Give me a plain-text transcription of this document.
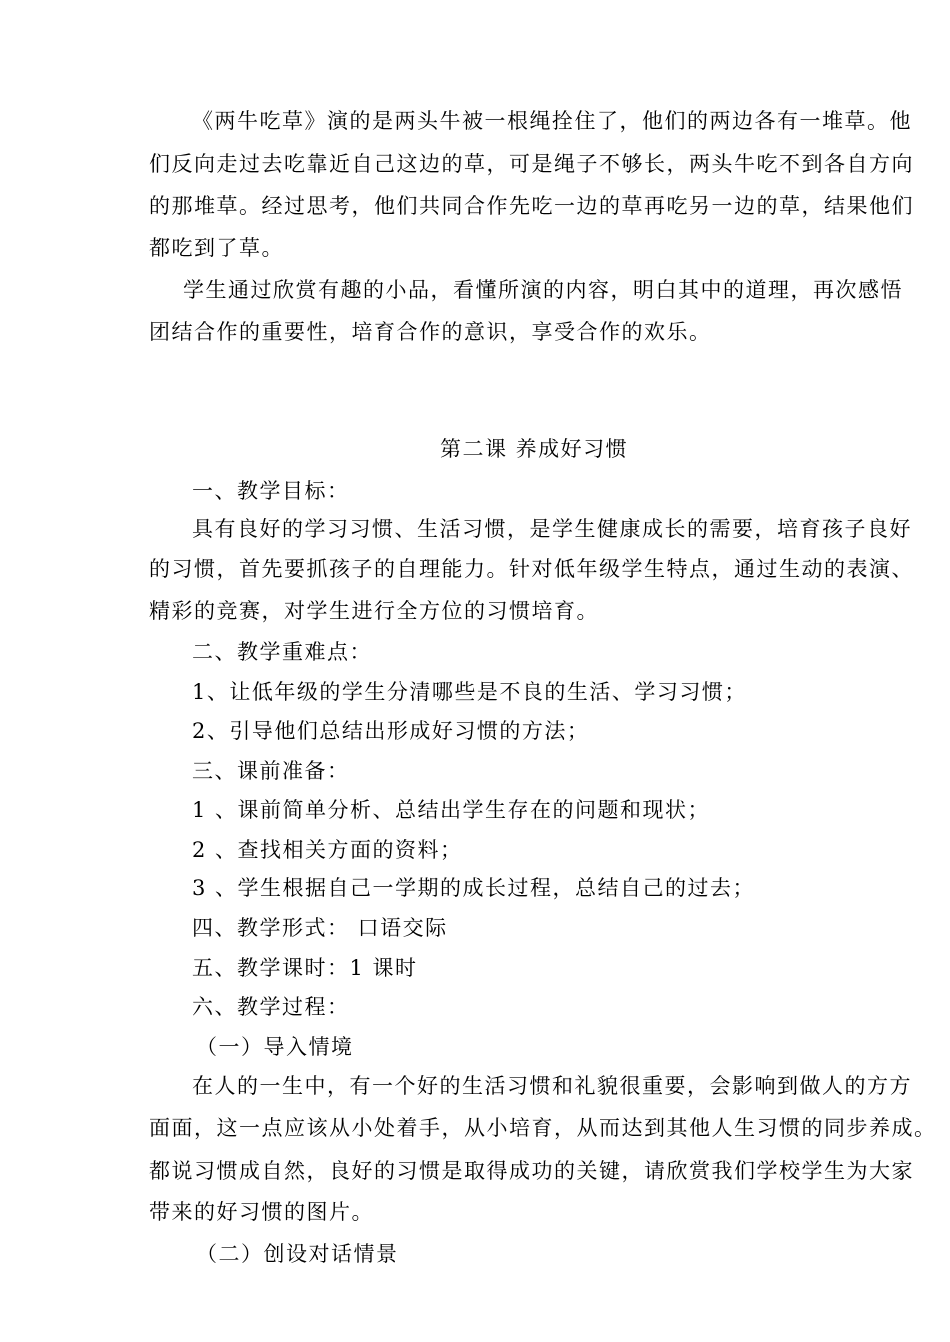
《两牛吃草》演的是两头牛被一根绳拴住了，他们的两边各有一堆草。他

们反向走过去吃靠近自己这边的草，可是绳子不够长，两头牛吃不到各自方向

的那堆草。经过思考，他们共同合作先吃一边的草再吃另一边的草，结果他们

都吃到了草。

学生通过欣赏有趣的小品，看懂所演的内容，明白其中的道理，再次感悟

团结合作的重要性，培育合作的意识，享受合作的欢乐。

第二课 养成好习惯

一、教学目标：

具有良好的学习习惯、生活习惯，是学生健康成长的需要，培育孩子良好

的习惯，首先要抓孩子的自理能力。针对低年级学生特点，通过生动的表演、

精彩的竞赛，对学生进行全方位的习惯培育。

二、教学重难点：

1、让低年级的学生分清哪些是不良的生活、学习习惯；

2、引导他们总结出形成好习惯的方法；

三、课前准备：

1 、课前简单分析、总结出学生存在的问题和现状；

2 、查找相关方面的资料；

3 、学生根据自己一学期的成长过程，总结自己的过去；

四、教学形式： 口语交际

五、教学课时：1 课时

六、教学过程：

（一）导入情境

在人的一生中，有一个好的生活习惯和礼貌很重要，会影响到做人的方方

面面，这一点应该从小处着手，从小培育，从而达到其他人生习惯的同步养成。

都说习惯成自然，良好的习惯是取得成功的关键，请欣赏我们学校学生为大家

带来的好习惯的图片。

（二）创设对话情景
